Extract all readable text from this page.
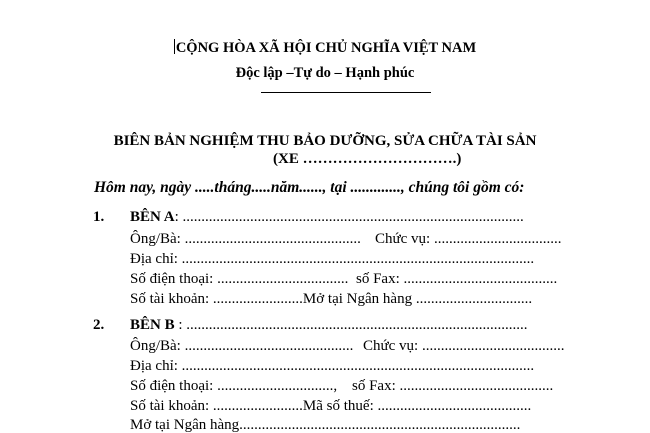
CỘNG HÒA XÃ HỘI CHỦ NGHĨA VIỆT NAM
Độc lập –Tự do – Hạnh phúc
BIÊN BẢN NGHIỆM THU BẢO DƯỠNG, SỬA CHỮA TÀI SẢN
(XE ………………………….)
Hôm nay, ngày .....tháng.....năm......, tại ............., chúng tôi gồm có:
1. BÊN A: ...........................................................................................
Ông/Bà: ............................................... Chức vụ: ..................................
Địa chỉ: ..............................................................................................
Số điện thoại: ................................... số Fax: .........................................
Số tài khoản: ........................Mở tại Ngân hàng ...............................
2. BÊN B : ...........................................................................................
Ông/Bà: ............................................. Chức vụ: ......................................
Địa chỉ: ..............................................................................................
Số điện thoại: ..............................., số Fax: .........................................
Số tài khoản: ........................Mã số thuế: .........................................
Mở tại Ngân hàng...........................................................................
